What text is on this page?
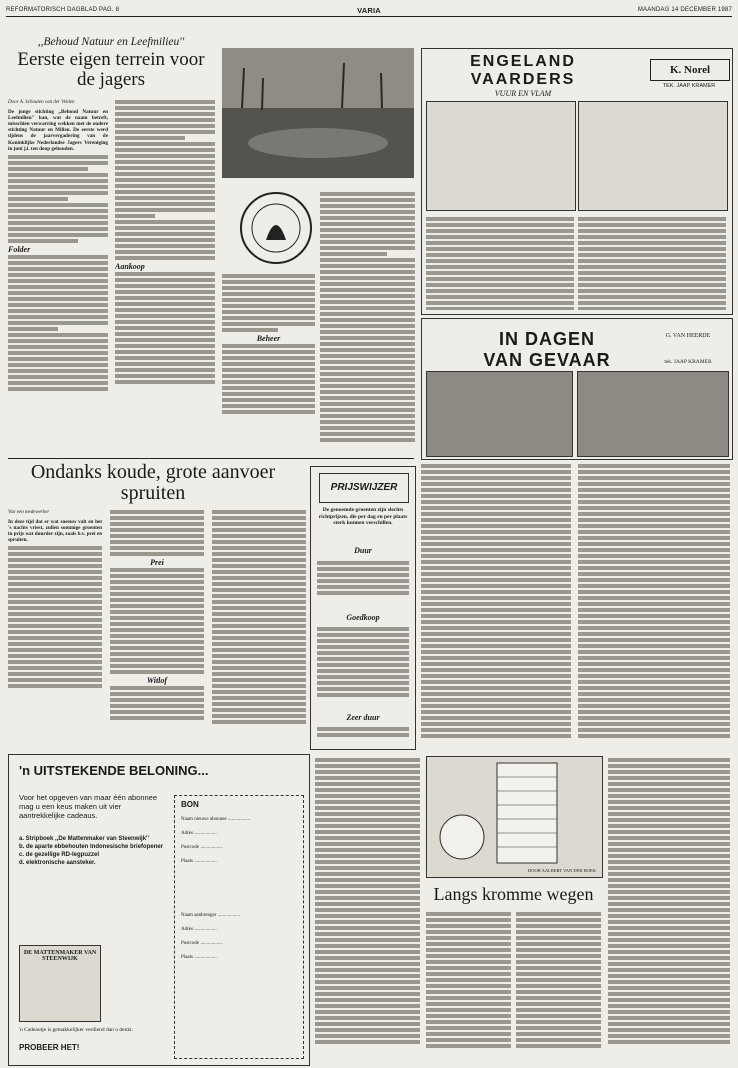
REFORMATORISCH DAGBLAD PAG. 8	VARIA	MAANDAG 14 DECEMBER 1987
,,Behoud Natuur en Leefmilieu''
Eerste eigen terrein voor de jagers
Door A. Schouten van der Velden

De jonge stichting ,,Behoud Natuur en Leefmilieu'' kan, wat de naam betreft, misschien verwarring wekken met de oudere stichting Natuur en Milieu. De eerste werd tijdens de jaarvergadering van de Koninklijke Nederlandse Jagers Vereniging in juni j.l. ten doop gehouden.

Folder
Aankoop
Beheer
ENGELAND
VAARDERS
VUUR EN VLAM
K. Norel
TEK. JAAP KRAMER
IN DAGEN
VAN GEVAAR
G. VAN HEERDE
tek. JAAP KRAMER
Ondanks koude, grote aanvoer spruiten
Van een medewerker

In deze tijd dat er wat sneeuw valt en het 's nachts vriest, zullen sommige groenten in prijs wat duurder zijn, zoals b.v. prei en spruiten.

Prei
Witlof
PRIJSWIJZER
De genoemde groenten zijn slechts richtprijzen, die per dag en per plaats sterk kunnen verschillen.
Duur
Goedkoop
Zeer duur
'n UITSTEKENDE BELONING...
Voor het opgeven van maar één abonnee mag u een keus maken uit vier aantrekkelijke cadeaus.
a. Stripboek ,,De Mattenmaker van Steenwijk''
b. de aparte ebbehouten Indonesische briefopener
c. de gezellige RD-legpuzzel
d. elektronische aansteker.
DE MATTENMAKER VAN STEENWIJK
'n Cadeautje is gemakkelijker verdiend dan u denkt.
PROBEER HET!
BON
Naam nieuwe abonnee ..................
Adres ..................
Postcode ..................
Plaats ..................
Naam aanbrenger ..................
Adres ..................
Postcode ..................
Plaats ..................
DOOR AALBERT VAN DER HOEK
Langs kromme wegen
